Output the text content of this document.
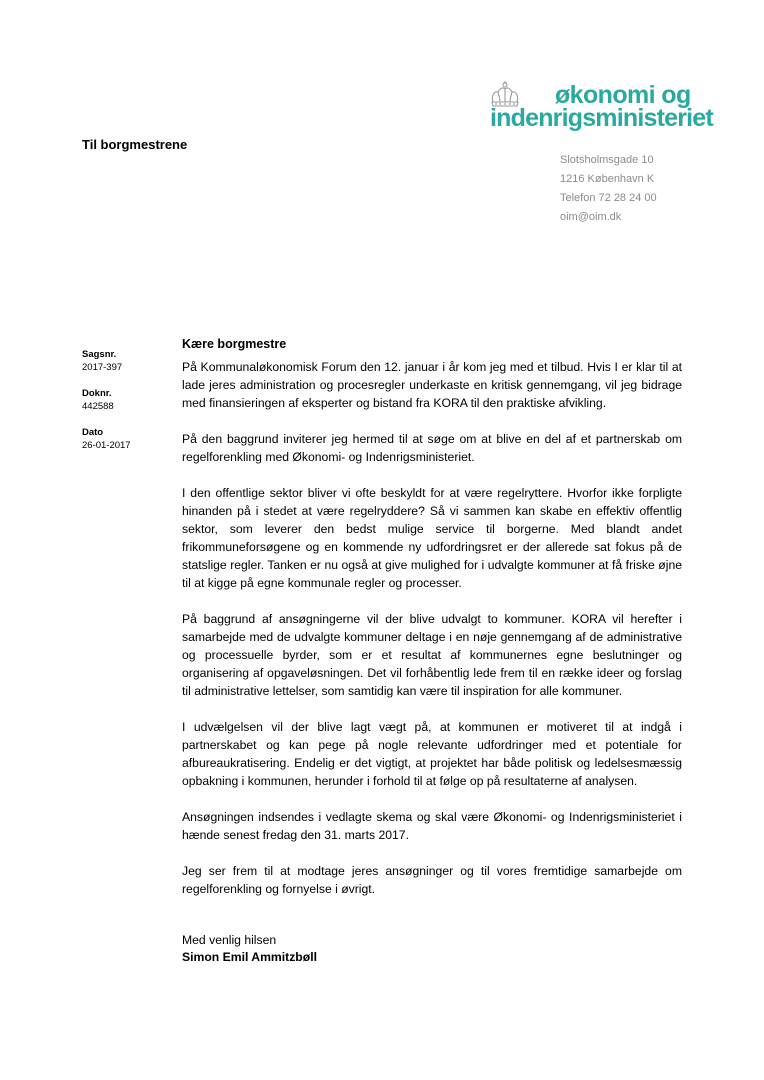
økonomi og
indenrigsministeriet
Til borgmestrene
Slotsholmsgade 10
1216 København K
Telefon 72 28 24 00
oim@oim.dk
Sagsnr.
2017-397
Doknr.
442588
Dato
26-01-2017

Kære borgmestre

På Kommunaløkonomisk Forum den 12. januar i år kom jeg med et tilbud. Hvis I er klar til at lade jeres administration og procesregler underkaste en kritisk gennemgang, vil jeg bidrage med finansieringen af eksperter og bistand fra KORA til den praktiske afvikling.

På den baggrund inviterer jeg hermed til at søge om at blive en del af et partnerskab om regelforenkling med Økonomi- og Indenrigsministeriet.

I den offentlige sektor bliver vi ofte beskyldt for at være regelryttere. Hvorfor ikke forpligte hinanden på i stedet at være regelryddere? Så vi sammen kan skabe en effektiv offentlig sektor, som leverer den bedst mulige service til borgerne. Med blandt andet frikommuneforsøgene og en kommende ny udfordringsret er der allerede sat fokus på de statslige regler. Tanken er nu også at give mulighed for i udvalgte kommuner at få friske øjne til at kigge på egne kommunale regler og processer.

På baggrund af ansøgningerne vil der blive udvalgt to kommuner. KORA vil herefter i samarbejde med de udvalgte kommuner deltage i en nøje gennemgang af de administrative og processuelle byrder, som er et resultat af kommunernes egne beslutninger og organisering af opgaveløsningen. Det vil forhåbentlig lede frem til en række ideer og forslag til administrative lettelser, som samtidig kan være til inspiration for alle kommuner.

I udvælgelsen vil der blive lagt vægt på, at kommunen er motiveret til at indgå i partnerskabet og kan pege på nogle relevante udfordringer med et potentiale for afbureaukratisering. Endelig er det vigtigt, at projektet har både politisk og ledelsesmæssig opbakning i kommunen, herunder i forhold til at følge op på resultaterne af analysen.

Ansøgningen indsendes i vedlagte skema og skal være Økonomi- og Indenrigsministeriet i hænde senest fredag den 31. marts 2017.

Jeg ser frem til at modtage jeres ansøgninger og til vores fremtidige samarbejde om regelforenkling og fornyelse i øvrigt.

Med venlig hilsen
Simon Emil Ammitzbøll
